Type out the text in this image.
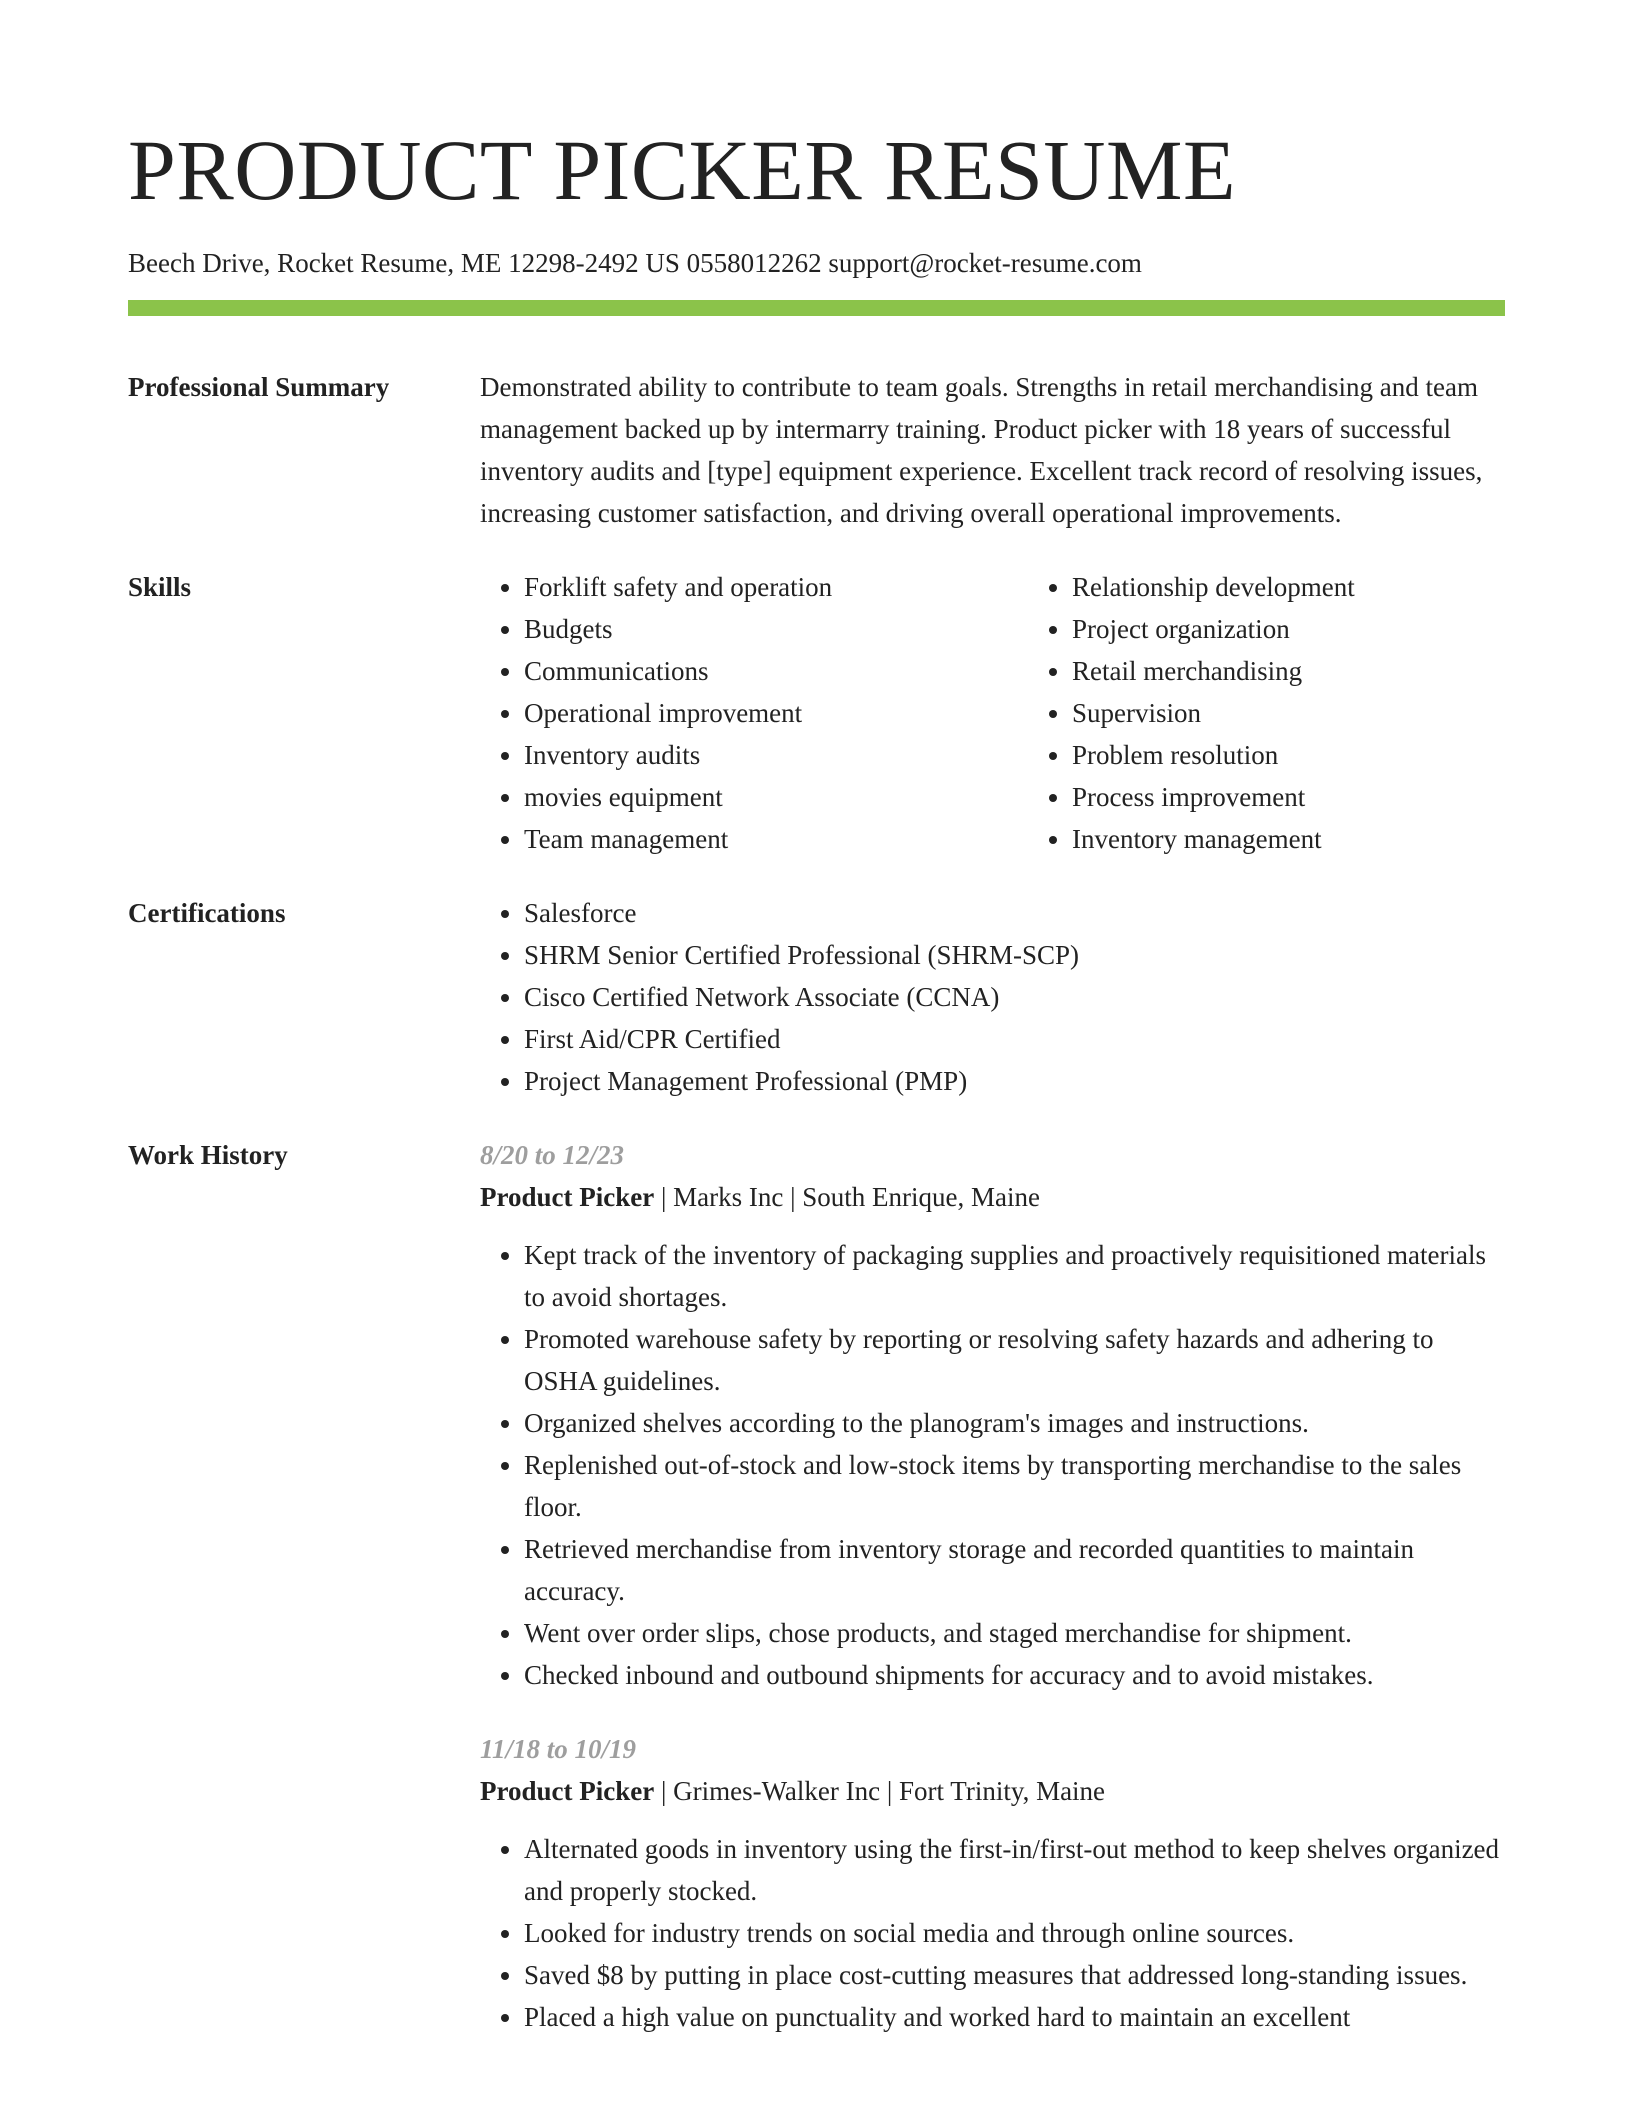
PRODUCT PICKER RESUME
Beech Drive, Rocket Resume, ME 12298-2492 US 0558012262 support@rocket-resume.com
Professional Summary	Demonstrated ability to contribute to team goals. Strengths in retail merchandising and team management backed up by intermarry training. Product picker with 18 years of successful inventory audits and [type] equipment experience. Excellent track record of resolving issues, increasing customer satisfaction, and driving overall operational improvements.
Skills	• Forklift safety and operation
• Budgets
• Communications
• Operational improvement
• Inventory audits
• movies equipment
• Team management
• Relationship development
• Project organization
• Retail merchandising
• Supervision
• Problem resolution
• Process improvement
• Inventory management
Certifications	• Salesforce
• SHRM Senior Certified Professional (SHRM-SCP)
• Cisco Certified Network Associate (CCNA)
• First Aid/CPR Certified
• Project Management Professional (PMP)
Work History	8/20 to 12/23
Product Picker | Marks Inc | South Enrique, Maine
• Kept track of the inventory of packaging supplies and proactively requisitioned materials to avoid shortages.
• Promoted warehouse safety by reporting or resolving safety hazards and adhering to OSHA guidelines.
• Organized shelves according to the planogram's images and instructions.
• Replenished out-of-stock and low-stock items by transporting merchandise to the sales floor.
• Retrieved merchandise from inventory storage and recorded quantities to maintain accuracy.
• Went over order slips, chose products, and staged merchandise for shipment.
• Checked inbound and outbound shipments for accuracy and to avoid mistakes.
11/18 to 10/19
Product Picker | Grimes-Walker Inc | Fort Trinity, Maine
• Alternated goods in inventory using the first-in/first-out method to keep shelves organized and properly stocked.
• Looked for industry trends on social media and through online sources.
• Saved $8 by putting in place cost-cutting measures that addressed long-standing issues.
• Placed a high value on punctuality and worked hard to maintain an excellent
